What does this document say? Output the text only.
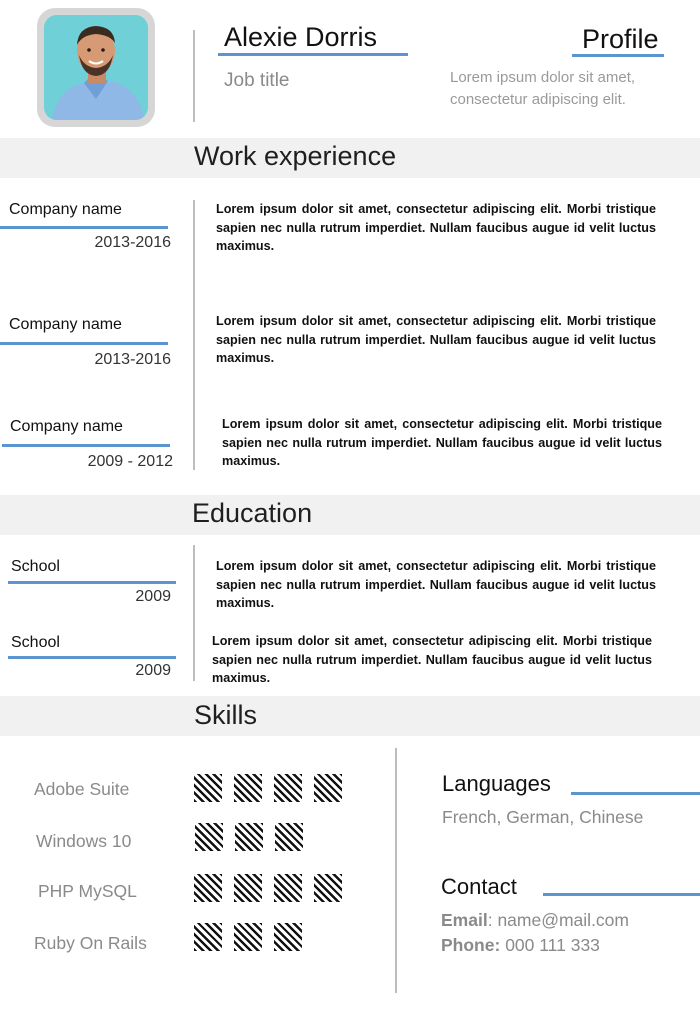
Alexie Dorris
Job title
Profile
Lorem ipsum dolor sit amet, consectetur adipiscing elit.
Work experience
Company name
2013-2016
Lorem ipsum dolor sit amet, consectetur adipiscing elit. Morbi tristique sapien nec nulla rutrum imperdiet. Nullam faucibus augue id velit luctus maximus.
Company name
2013-2016
Lorem ipsum dolor sit amet, consectetur adipiscing elit. Morbi tristique sapien nec nulla rutrum imperdiet. Nullam faucibus augue id velit luctus maximus.
Company name
2009 - 2012
Lorem ipsum dolor sit amet, consectetur adipiscing elit. Morbi tristique sapien nec nulla rutrum imperdiet. Nullam faucibus augue id velit luctus maximus.
Education
School
2009
Lorem ipsum dolor sit amet, consectetur adipiscing elit. Morbi tristique sapien nec nulla rutrum imperdiet. Nullam faucibus augue id velit luctus maximus.
School
2009
Lorem ipsum dolor sit amet, consectetur adipiscing elit. Morbi tristique sapien nec nulla rutrum imperdiet. Nullam faucibus augue id velit luctus maximus.
Skills
Adobe Suite
Windows 10
PHP MySQL
Ruby On Rails
Languages
French, German, Chinese
Contact
Email: name@mail.com
Phone: 000 111 333
